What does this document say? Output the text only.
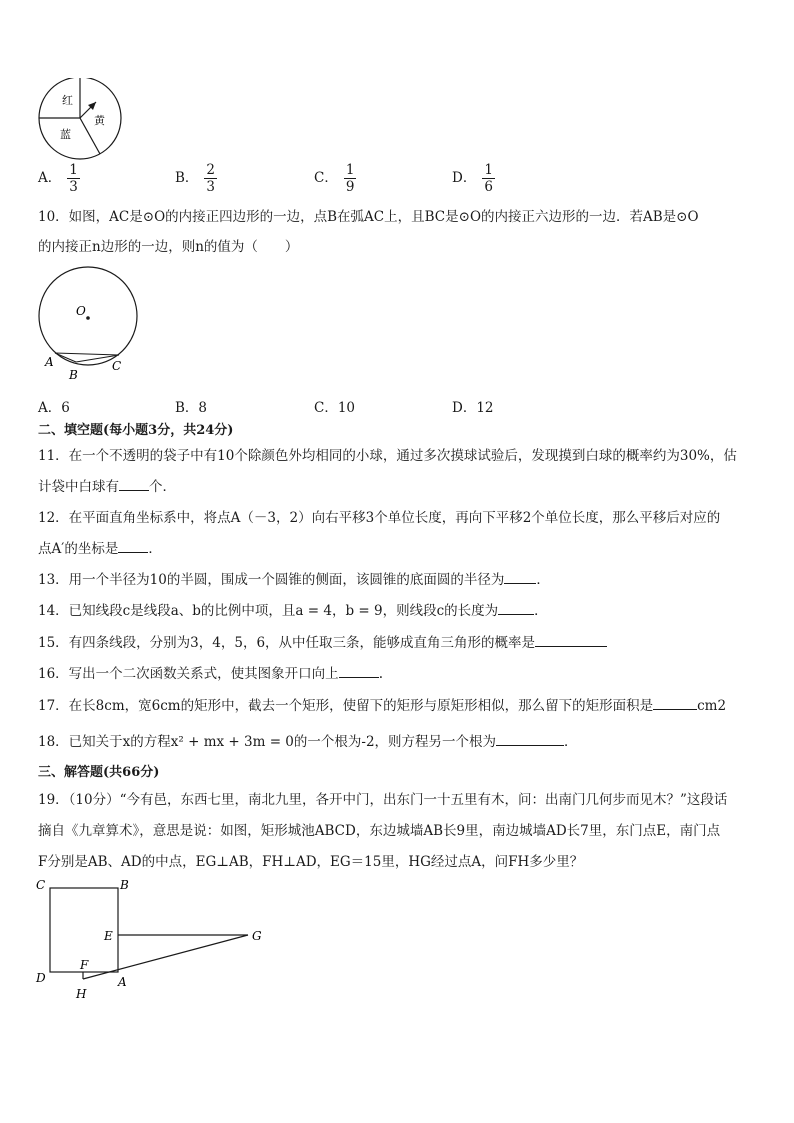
红
黄
蓝
A． $\frac{1}{3}$	B． $\frac{2}{3}$	C． $\frac{1}{9}$	D． $\frac{1}{6}$
10．如图，AC是⊙O的内接正四边形的一边，点B在弧AC上，且BC是⊙O的内接正六边形的一边．若AB是⊙O
的内接正n边形的一边，则n的值为（　　）
O
A
B
C
A．6	B．8	C．10	D．12
二、填空题(每小题3分，共24分)
11．在一个不透明的袋子中有10个除颜色外均相同的小球，通过多次摸球试验后，发现摸到白球的概率约为30%，估
计袋中白球有 个．
12．在平面直角坐标系中，将点A（－3，2）向右平移3个单位长度，再向下平移2个单位长度，那么平移后对应的
点A′的坐标是 ．
13．用一个半径为10的半圆，围成一个圆锥的侧面，该圆锥的底面圆的半径为 ．
14．已知线段c是线段a、b的比例中项，且a = 4，b = 9，则线段c的长度为	．
15．有四条线段，分别为3，4，5，6，从中任取三条，能够成直角三角形的概率是
16．写出一个二次函数关系式，使其图象开口向上	.
17．在长8cm，宽6cm的矩形中，截去一个矩形，使留下的矩形与原矩形相似，那么留下的矩形面积是	cm2
18．已知关于x的方程x² + mx + 3m = 0的一个根为-2，则方程另一个根为	．
三、解答题(共66分)
19．（10分）“今有邑，东西七里，南北九里，各开中门，出东门一十五里有木，问：出南门几何步而见木？”这段话
摘自《九章算术》，意思是说：如图，矩形城池ABCD，东边城墙AB长9里，南边城墙AD长7里，东门点E，南门点
F分别是AB、AD的中点，EG⊥AB，FH⊥AD，EG＝15里，HG经过点A，问FH多少里？
C	B
E	G
D
F
A
H
